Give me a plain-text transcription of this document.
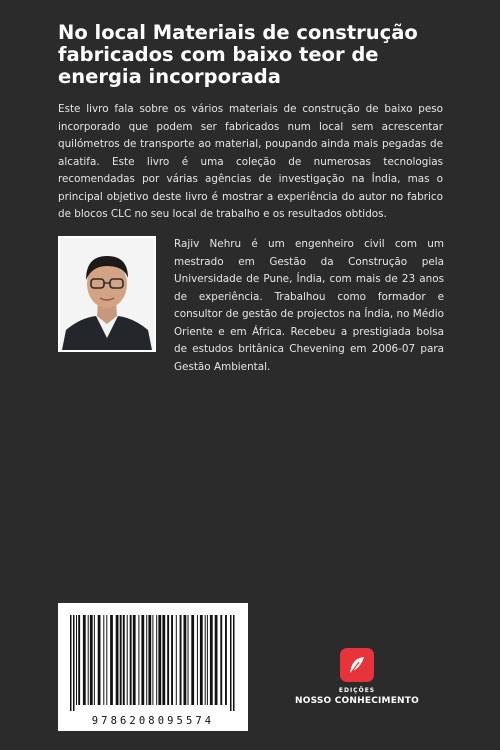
No local Materiais de construção fabricados com baixo teor de energia incorporada

Este livro fala sobre os vários materiais de construção de baixo peso incorporado que podem ser fabricados num local sem acrescentar quilómetros de transporte ao material, poupando ainda mais pegadas de alcatifa. Este livro é uma coleção de numerosas tecnologias recomendadas por várias agências de investigação na Índia, mas o principal objetivo deste livro é mostrar a experiência do autor no fabrico de blocos CLC no seu local de trabalho e os resultados obtidos.

Rajiv Nehru é um engenheiro civil com um mestrado em Gestão da Construção pela Universidade de Pune, Índia, com mais de 23 anos de experiência. Trabalhou como formador e consultor de gestão de projectos na Índia, no Médio Oriente e em África. Recebeu a prestigiada bolsa de estudos britânica Chevening em 2006-07 para Gestão Ambiental.

9786208095574
EDIÇÕES
NOSSO CONHECIMENTO
